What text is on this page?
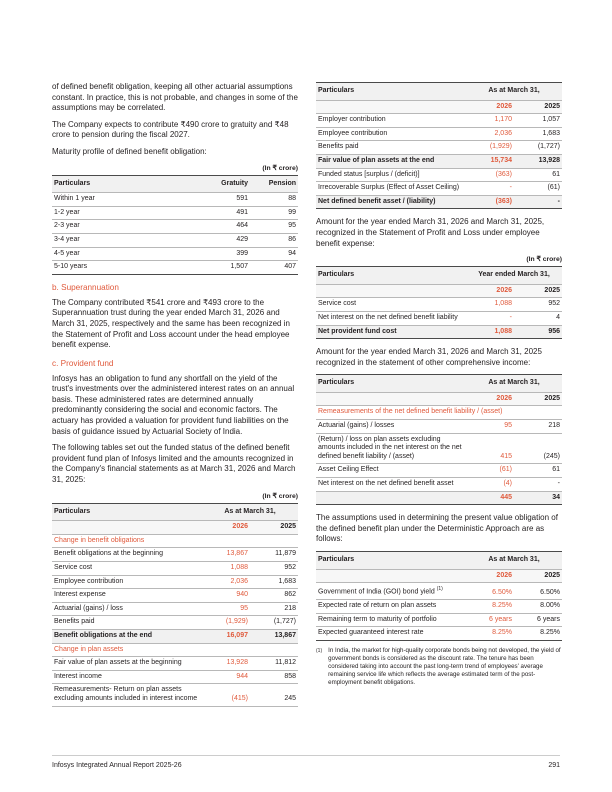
of defined benefit obligation, keeping all other actuarial assumptions constant. In practice, this is not probable, and changes in some of the assumptions may be correlated.

The Company expects to contribute ₹490 crore to gratuity and ₹48 crore to pension during the fiscal 2027.

Maturity profile of defined benefit obligation:

(In ₹ crore)
Particulars	Gratuity	Pension
Within 1 year	591	88
1-2 year	491	99
2-3 year	464	95
3-4 year	429	86
4-5 year	399	94
5-10 years	1,507	407
b. Superannuation

The Company contributed ₹541 crore and ₹493 crore to the Superannuation trust during the year ended March 31, 2026 and March 31, 2025, respectively and the same has been recognized in the Statement of Profit and Loss account under the head employee benefit expense.

c. Provident fund

Infosys has an obligation to fund any shortfall on the yield of the trust's investments over the administered interest rates on an annual basis. These administered rates are determined annually predominantly considering the social and economic factors. The actuary has provided a valuation for provident fund liabilities on the basis of guidance issued by Actuarial Society of India.

The following tables set out the funded status of the defined benefit provident fund plan of Infosys limited and the amounts recognized in the Company's financial statements as at March 31, 2026 and March 31, 2025:

(In ₹ crore)
Particulars	As at March 31,	
	2026	2025
Change in benefit obligations		
Benefit obligations at the beginning	13,867	11,879
Service cost	1,088	952
Employee contribution	2,036	1,683
Interest expense	940	862
Actuarial (gains) / loss	95	218
Benefits paid	(1,929)	(1,727)
Benefit obligations at the end	16,097	13,867
Change in plan assets		
Fair value of plan assets at the beginning	13,928	11,812
Interest income	944	858
Remeasurements- Return on plan assets excluding amounts included in interest income	(415)	245
Particulars	As at March 31,	
	2026	2025
Employer contribution	1,170	1,057
Employee contribution	2,036	1,683
Benefits paid	(1,929)	(1,727)
Fair value of plan assets at the end	15,734	13,928
Funded status [surplus / (deficit)]	(363)	61
Irrecoverable Surplus (Effect of Asset Ceiling)	-	(61)
Net defined benefit asset / (liability)	(363)	-

Amount for the year ended March 31, 2026 and March 31, 2025, recognized in the Statement of Profit and Loss under employee benefit expense:

(In ₹ crore)
Particulars	Year ended March 31,	
	2026	2025
Service cost	1,088	952
Net interest on the net defined benefit liability	-	4
Net provident fund cost	1,088	956

Amount for the year ended March 31, 2026 and March 31, 2025 recognized in the statement of other comprehensive income:

Particulars	As at March 31,	
	2026	2025
Remeasurements of the net defined benefit liability / (asset)		
Actuarial (gains) / losses	95	218
(Return) / loss on plan assets excluding amounts included in the net interest on the net defined benefit liability / (asset)	415	(245)
Asset Ceiling Effect	(61)	61
Net interest on the net defined benefit asset	(4)	-
	445	34

The assumptions used in determining the present value obligation of the defined benefit plan under the Deterministic Approach are as follows:

Particulars	As at March 31,	
	2026	2025
Government of India (GOI) bond yield $^{(1)}$	6.50%	6.50%
Expected rate of return on plan assets	8.25%	8.00%
Remaining term to maturity of portfolio	6 years	6 years
Expected guaranteed interest rate	8.25%	8.25%
(1) In India, the market for high-quality corporate bonds being not developed, the yield of government bonds is considered as the discount rate. The tenure has been considered taking into account the past long-term trend of employees' average remaining service life which reflects the average estimated term of the post-employment benefit obligations.
Infosys Integrated Annual Report 2025-26	291
